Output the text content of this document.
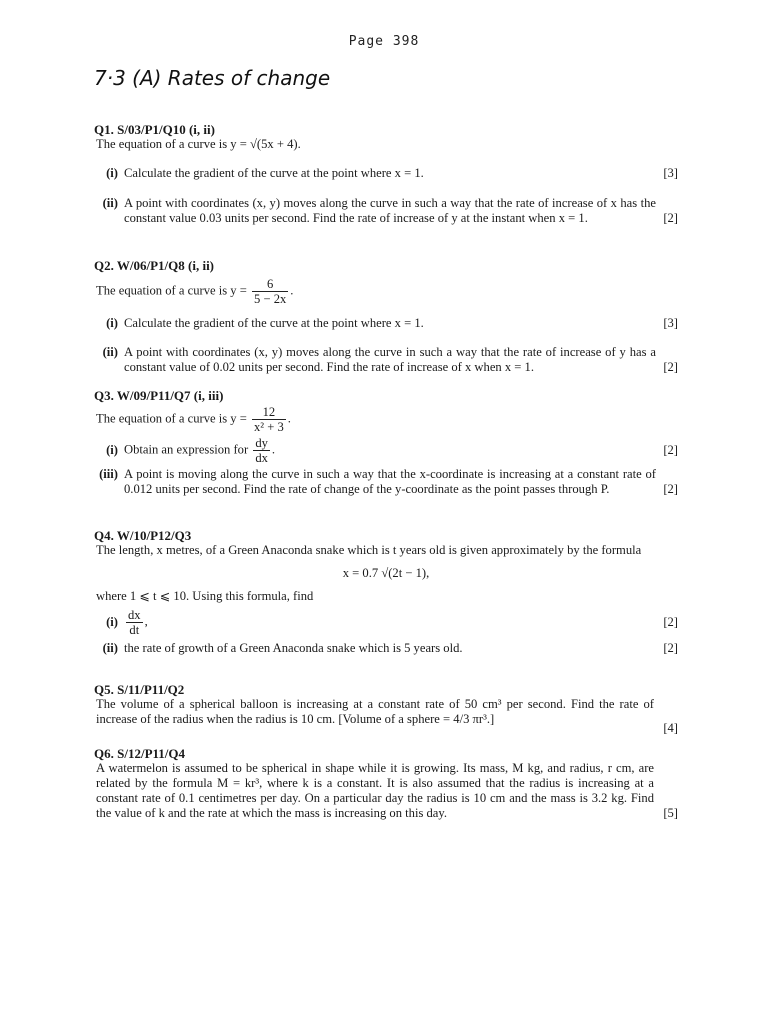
Page 398
7·3 (A) Rates of change
Q1. S/03/P1/Q10 (i, ii)

The equation of a curve is y = √(5x + 4).

(i) Calculate the gradient of the curve at the point where x = 1.	[3]
(ii) A point with coordinates (x, y) moves along the curve in such a way that the rate of increase of x has the constant value 0.03 units per second. Find the rate of increase of y at the instant when x = 1.	[2]
Q2. W/06/P1/Q8 (i, ii)

The equation of a curve is $y = \frac{6}{5 - 2x}$ .

(i) Calculate the gradient of the curve at the point where x = 1.	[3]
(ii) A point with coordinates (x, y) moves along the curve in such a way that the rate of increase of y has a constant value of 0.02 units per second. Find the rate of increase of x when x = 1.	[2]
Q3. W/09/P11/Q7 (i, iii)

The equation of a curve is $y = \frac{12}{\text{x² + 3}}$ .

(i) Obtain an expression for $\frac{dy}{dx}$ .	[2]
(iii) A point is moving along the curve in such a way that the x-coordinate is increasing at a constant rate of 0.012 units per second. Find the rate of change of the y-coordinate as the point passes through P.	[2]
Q4. W/10/P12/Q3

The length, x metres, of a Green Anaconda snake which is t years old is given approximately by the formula

x = 0.7 √(2t − 1),

where 1 ⩽ t ⩽ 10. Using this formula, find

$(i) \frac{dx}{dt}$ ,	[2]
(ii) the rate of growth of a Green Anaconda snake which is 5 years old.	[2]
Q5. S/11/P11/Q2

The volume of a spherical balloon is increasing at a constant rate of 50 cm³ per second. Find the rate of increase of the radius when the radius is 10 cm. [Volume of a sphere = 4/3 πr³.]

[4]
Q6. S/12/P11/Q4

A watermelon is assumed to be spherical in shape while it is growing. Its mass, M kg, and radius, r cm, are related by the formula M = kr³, where k is a constant. It is also assumed that the radius is increasing at a constant rate of 0.1 centimetres per day. On a particular day the radius is 10 cm and the mass is 3.2 kg. Find the value of k and the rate at which the mass is increasing on this day.	[5]
